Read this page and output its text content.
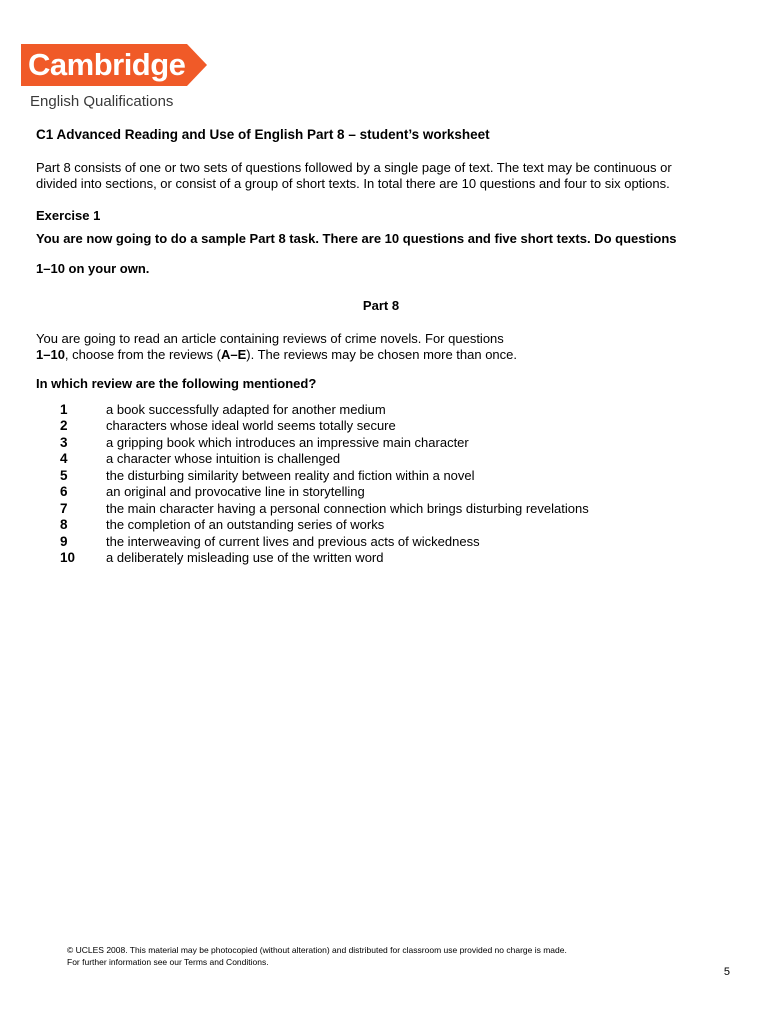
Cambridge
English Qualifications

C1 Advanced Reading and Use of English Part 8 – student’s worksheet

Part 8 consists of one or two sets of questions followed by a single page of text. The text may be continuous or divided into sections, or consist of a group of short texts. In total there are 10 questions and four to six options.

Exercise 1

You are now going to do a sample Part 8 task. There are 10 questions and five short texts. Do questions 1–10 on your own.

Part 8

You are going to read an article containing reviews of crime novels. For questions
1–10, choose from the reviews (A–E). The reviews may be chosen more than once.

In which review are the following mentioned?

1	a book successfully adapted for another medium
2	characters whose ideal world seems totally secure
3	a gripping book which introduces an impressive main character
4	a character whose intuition is challenged
5	the disturbing similarity between reality and fiction within a novel
6	an original and provocative line in storytelling
7	the main character having a personal connection which brings disturbing revelations
8	the completion of an outstanding series of works
9	the interweaving of current lives and previous acts of wickedness
10	a deliberately misleading use of the written word
© UCLES 2008. This material may be photocopied (without alteration) and distributed for classroom use provided no charge is made.
For further information see our Terms and Conditions.
5
